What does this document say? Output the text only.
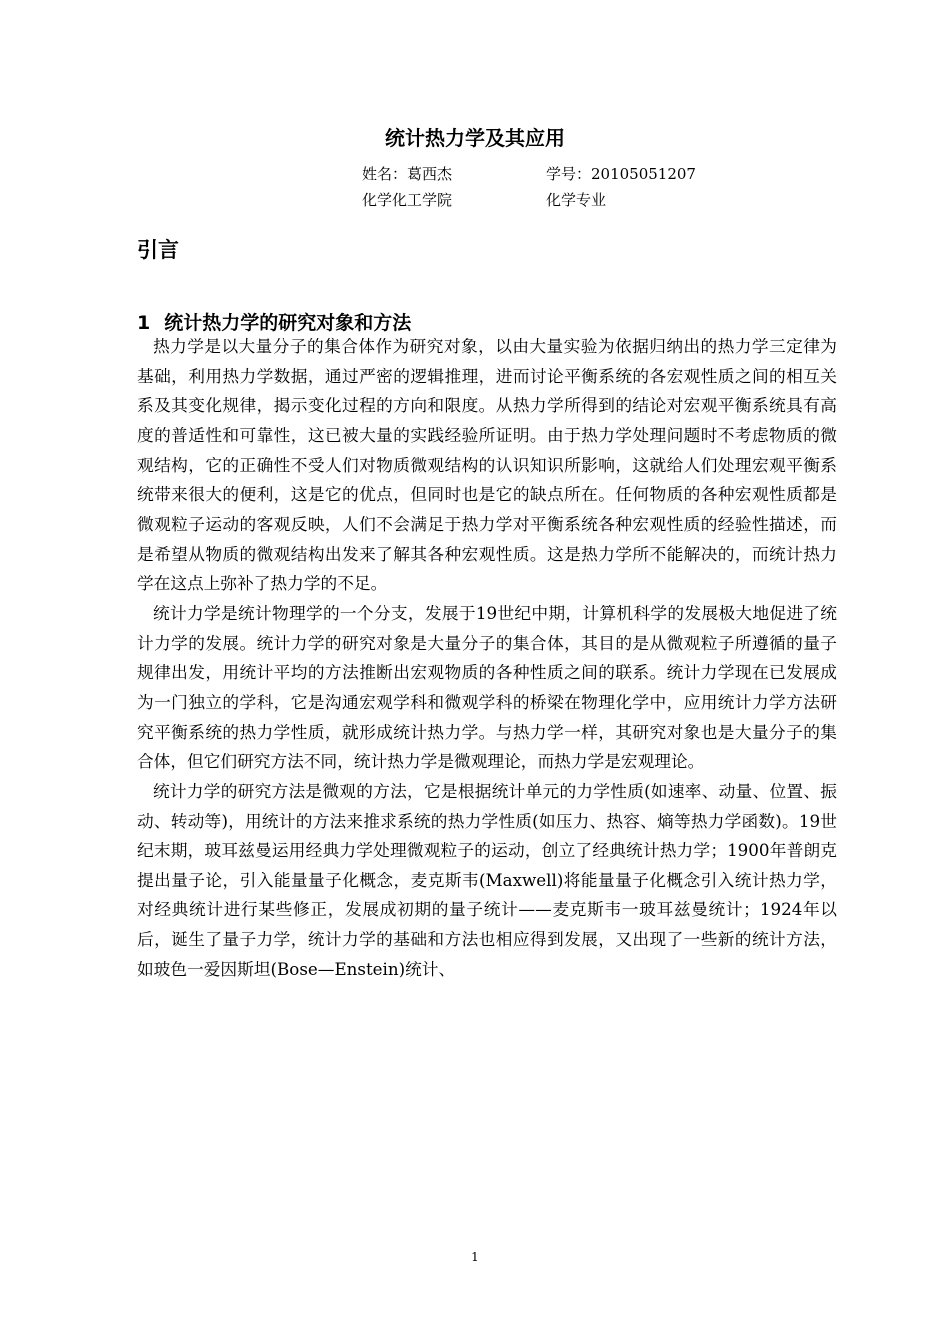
统计热力学及其应用
姓名：葛西杰	学号：20105051207
化学化工学院	化学专业
引言
1 统计热力学的研究对象和方法

热力学是以大量分子的集合体作为研究对象，以由大量实验为依据归纳出的热力学三定律为基础，利用热力学数据，通过严密的逻辑推理，进而讨论平衡系统的各宏观性质之间的相互关系及其变化规律，揭示变化过程的方向和限度。从热力学所得到的结论对宏观平衡系统具有高度的普适性和可靠性，这已被大量的实践经验所证明。由于热力学处理问题时不考虑物质的微观结构，它的正确性不受人们对物质微观结构的认识知识所影响，这就给人们处理宏观平衡系统带来很大的便利，这是它的优点，但同时也是它的缺点所在。任何物质的各种宏观性质都是微观粒子运动的客观反映，人们不会满足于热力学对平衡系统各种宏观性质的经验性描述，而是希望从物质的微观结构出发来了解其各种宏观性质。这是热力学所不能解决的，而统计热力学在这点上弥补了热力学的不足。

统计力学是统计物理学的一个分支，发展于19世纪中期，计算机科学的发展极大地促进了统计力学的发展。统计力学的研究对象是大量分子的集合体，其目的是从微观粒子所遵循的量子规律出发，用统计平均的方法推断出宏观物质的各种性质之间的联系。统计力学现在已发展成为一门独立的学科，它是沟通宏观学科和微观学科的桥梁在物理化学中，应用统计力学方法研究平衡系统的热力学性质，就形成统计热力学。与热力学一样，其研究对象也是大量分子的集合体，但它们研究方法不同，统计热力学是微观理论，而热力学是宏观理论。

统计力学的研究方法是微观的方法，它是根据统计单元的力学性质(如速率、动量、位置、振动、转动等)，用统计的方法来推求系统的热力学性质(如压力、热容、熵等热力学函数)。19世纪末期，玻耳兹曼运用经典力学处理微观粒子的运动，创立了经典统计热力学；1900年普朗克提出量子论，引入能量量子化概念，麦克斯韦(Maxwell)将能量量子化概念引入统计热力学，对经典统计进行某些修正，发展成初期的量子统计——麦克斯韦一玻耳兹曼统计；1924年以后，诞生了量子力学，统计力学的基础和方法也相应得到发展，又出现了一些新的统计方法，如玻色一爱因斯坦(Bose—Enstein)统计、

1
